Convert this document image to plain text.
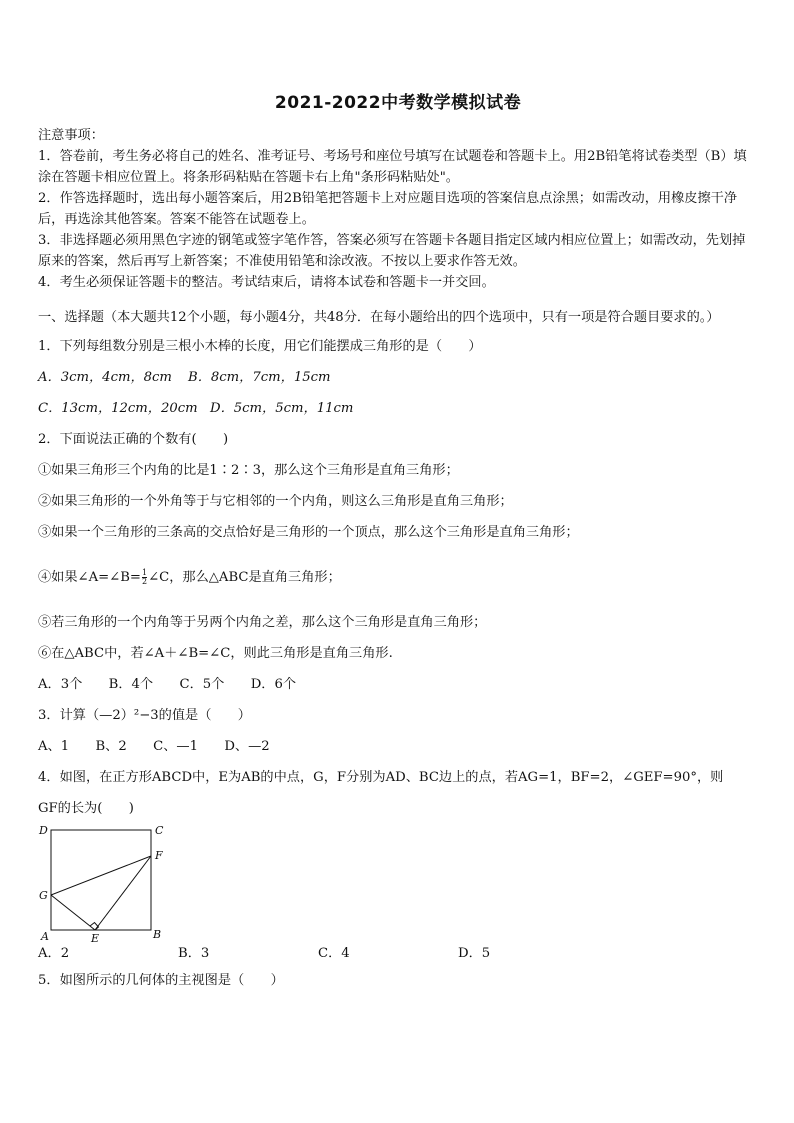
2021-2022中考数学模拟试卷

注意事项：

1．答卷前，考生务必将自己的姓名、准考证号、考场号和座位号填写在试题卷和答题卡上。用2B铅笔将试卷类型（B）填涂在答题卡相应位置上。将条形码粘贴在答题卡右上角"条形码粘贴处"。

2．作答选择题时，选出每小题答案后，用2B铅笔把答题卡上对应题目选项的答案信息点涂黑；如需改动，用橡皮擦干净后，再选涂其他答案。答案不能答在试题卷上。

3．非选择题必须用黑色字迹的钢笔或签字笔作答，答案必须写在答题卡各题目指定区域内相应位置上；如需改动，先划掉原来的答案，然后再写上新答案；不准使用铅笔和涂改液。不按以上要求作答无效。

4．考生必须保证答题卡的整洁。考试结束后，请将本试卷和答题卡一并交回。

一、选择题（本大题共12个小题，每小题4分，共48分．在每小题给出的四个选项中，只有一项是符合题目要求的。）

1．下列每组数分别是三根小木棒的长度，用它们能摆成三角形的是（　　）

A．3cm，4cm，8cm	B．8cm，7cm，15cm
C．13cm，12cm，20cm D．5cm，5cm，11cm

2．下面说法正确的个数有(　　)

①如果三角形三个内角的比是1∶2∶3，那么这个三角形是直角三角形；

②如果三角形的一个外角等于与它相邻的一个内角，则这么三角形是直角三角形；

③如果一个三角形的三条高的交点恰好是三角形的一个顶点，那么这个三角形是直角三角形；

④如果∠A=∠B= $\frac{1}{2}$ ∠C，那么△ABC是直角三角形；

⑤若三角形的一个内角等于另两个内角之差，那么这个三角形是直角三角形；

⑥在△ABC中，若∠A＋∠B=∠C，则此三角形是直角三角形.

A．3个　　B．4个　　C．5个　　D．6个

3．计算（—2）²−3的值是（　　）

A、1　　B、2　　C、—1　　D、—2

4．如图，在正方形ABCD中，E为AB的中点，G，F分别为AD、BC边上的点，若AG=1，BF=2，∠GEF=90°，则

GF的长为(　　)

D	C
F
G
A	E	B
A．2	B．3	C．4	D．5

5．如图所示的几何体的主视图是（　　）
